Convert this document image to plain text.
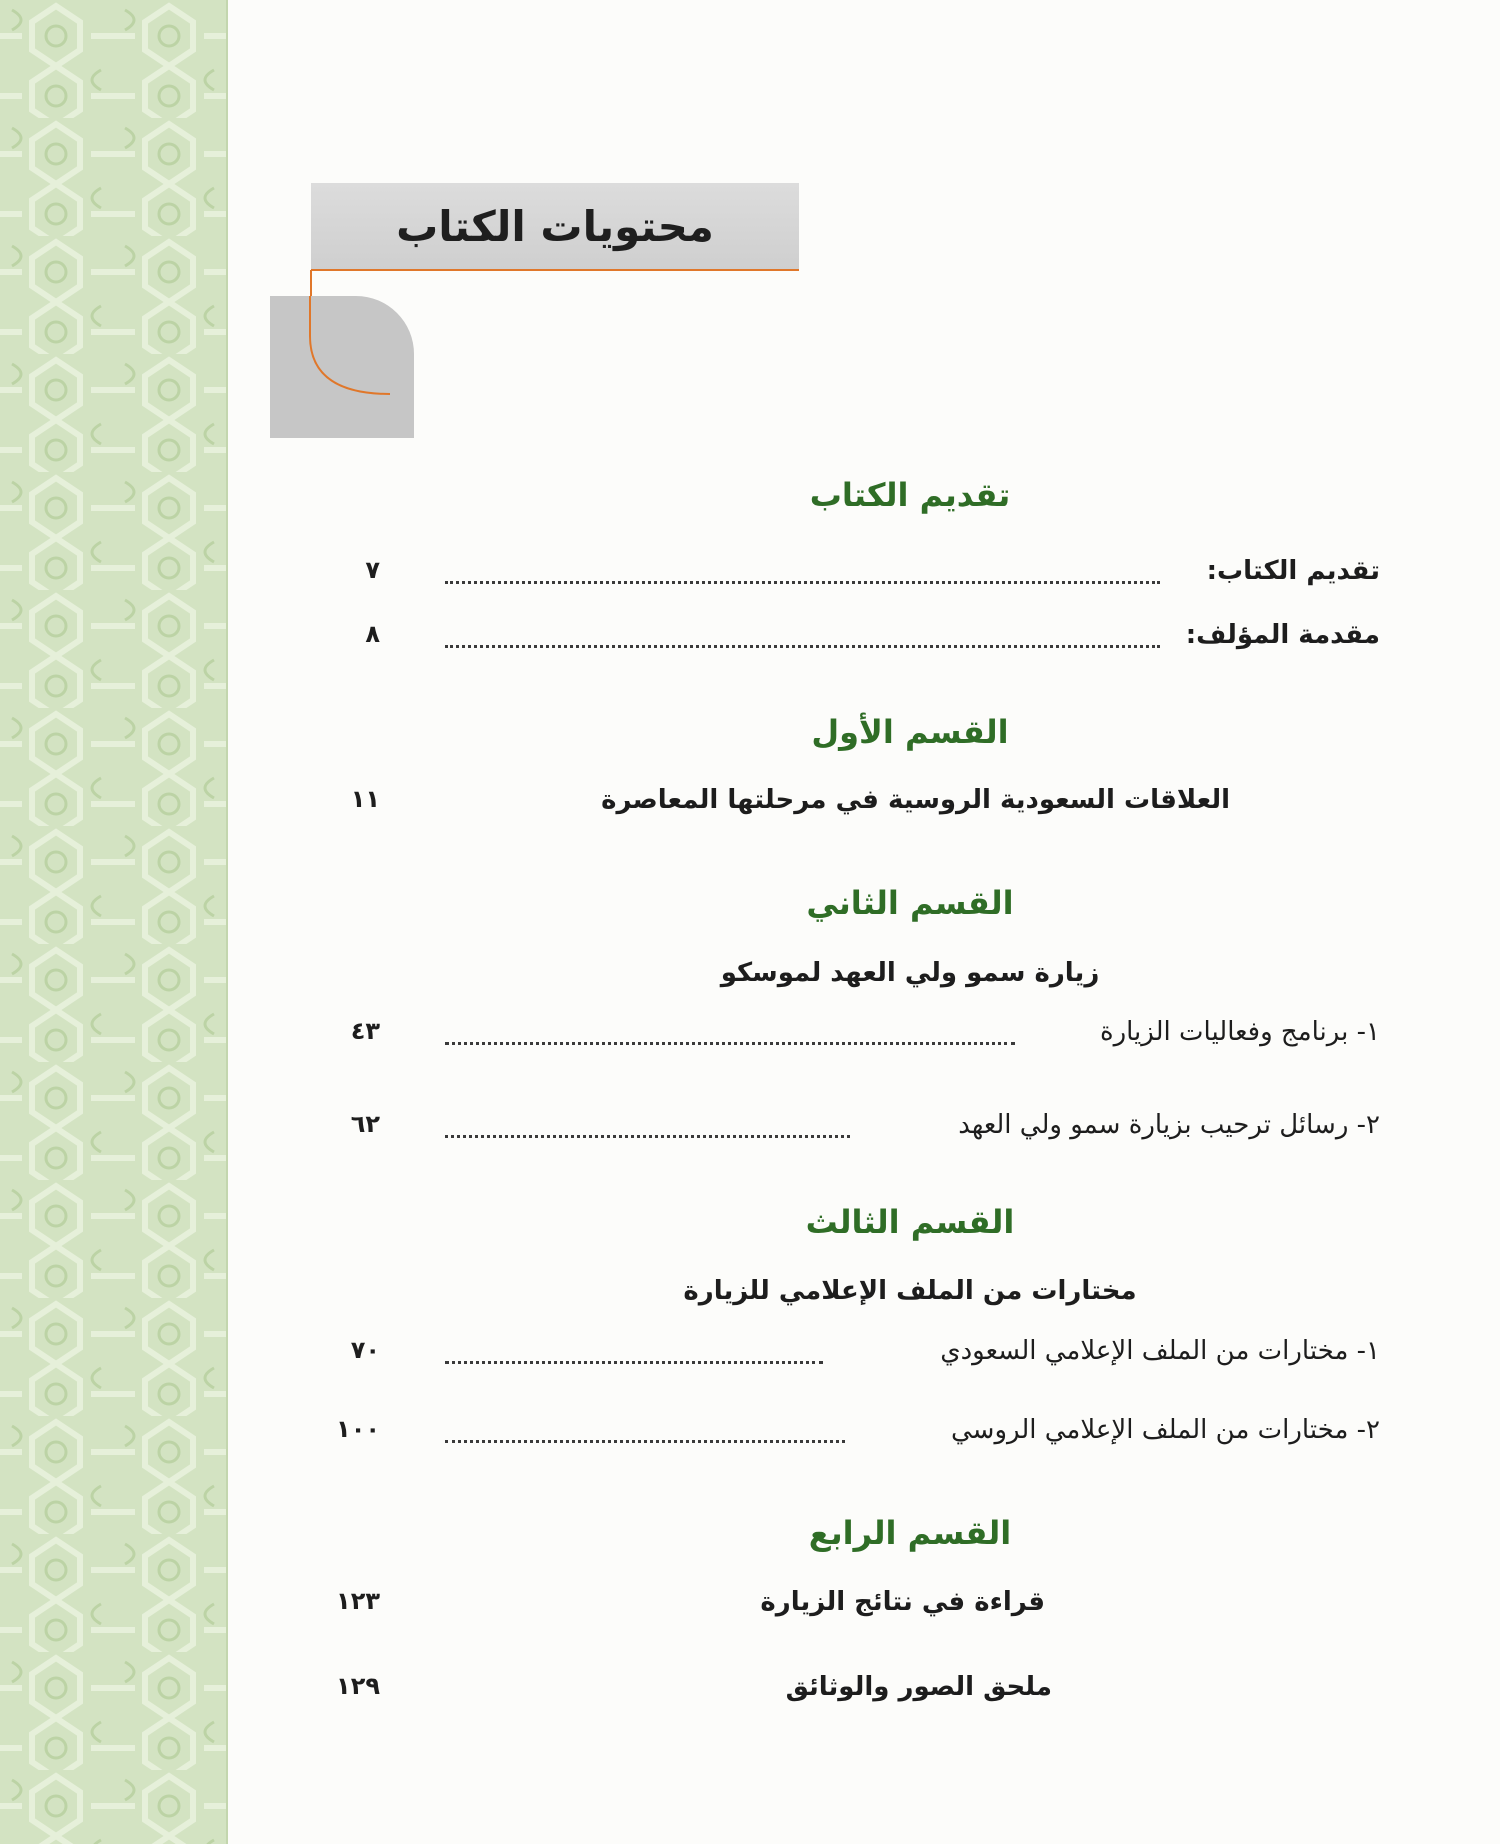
محتويات الكتاب
تقديم الكتاب
تقديم الكتاب:
٧
مقدمة المؤلف:
٨
القسم الأول
العلاقات السعودية الروسية في مرحلتها المعاصرة
١١
القسم الثاني
زيارة سمو ولي العهد لموسكو
١- برنامج وفعاليات الزيارة
٤٣
٢- رسائل ترحيب بزيارة سمو ولي العهد
٦٢
القسم الثالث
مختارات من الملف الإعلامي للزيارة
١- مختارات من الملف الإعلامي السعودي
٧٠
٢- مختارات من الملف الإعلامي الروسي
١٠٠
القسم الرابع
قراءة في نتائج الزيارة
١٢٣
ملحق الصور والوثائق
١٢٩
